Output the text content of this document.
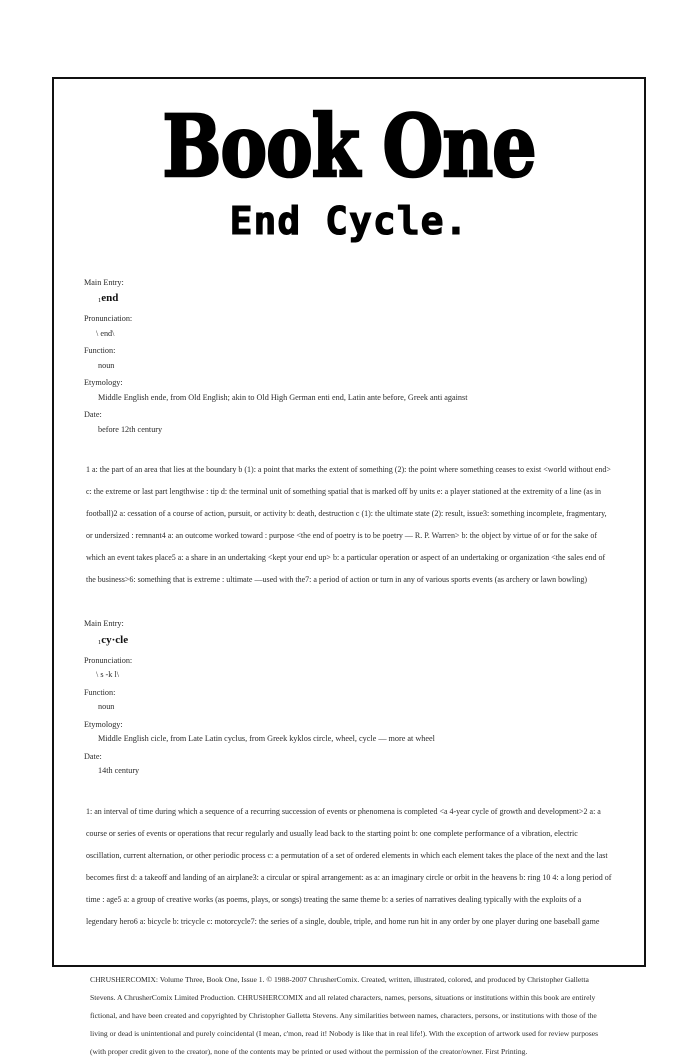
Book One
End Cycle.

Main Entry:

1end

Pronunciation:

\ end\

Function:

noun

Etymology:

Middle English ende, from Old English; akin to Old High German enti end, Latin ante before, Greek anti against

Date:

before 12th century

1 a: the part of an area that lies at the boundary b (1): a point that marks the extent of something (2): the point where something ceases to exist <world without end> c: the extreme or last part lengthwise : tip d: the terminal unit of something spatial that is marked off by units e: a player stationed at the extremity of a line (as in football)2 a: cessation of a course of action, pursuit, or activity b: death, destruction c (1): the ultimate state (2): result, issue3: something incomplete, fragmentary, or undersized : remnant4 a: an outcome worked toward : purpose <the end of poetry is to be poetry — R. P. Warren> b: the object by virtue of or for the sake of which an event takes place5 a: a share in an undertaking <kept your end up> b: a particular operation or aspect of an undertaking or organization <the sales end of the business>6: something that is extreme : ultimate —used with the7: a period of action or turn in any of various sports events (as archery or lawn bowling)

Main Entry:

1cy·cle

Pronunciation:

\ s -k l\

Function:

noun

Etymology:

Middle English cicle, from Late Latin cyclus, from Greek kyklos circle, wheel, cycle — more at wheel

Date:

14th century

1: an interval of time during which a sequence of a recurring succession of events or phenomena is completed <a 4-year cycle of growth and development>2 a: a course or series of events or operations that recur regularly and usually lead back to the starting point b: one complete performance of a vibration, electric oscillation, current alternation, or other periodic process c: a permutation of a set of ordered elements in which each element takes the place of the next and the last becomes first d: a takeoff and landing of an airplane3: a circular or spiral arrangement: as a: an imaginary circle or orbit in the heavens b: ring 10 4: a long period of time : age5 a: a group of creative works (as poems, plays, or songs) treating the same theme b: a series of narratives dealing typically with the exploits of a legendary hero6 a: bicycle b: tricycle c: motorcycle7: the series of a single, double, triple, and home run hit in any order by one player during one baseball game

CHRUSHERCOMIX: Volume Three, Book One, Issue 1. © 1988-2007 ChrusherComix. Created, written, illustrated, colored, and produced by Christopher Galletta Stevens. A ChrusherComix Limited Production. CHRUSHERCOMIX and all related characters, names, persons, situations or institutions within this book are entirely fictional, and have been created and copyrighted by Christopher Galletta Stevens. Any similarities between names, characters, persons, or institutions with those of the living or dead is unintentional and purely coincidental (I mean, c'mon, read it! Nobody is like that in real life!). With the exception of artwork used for review purposes (with proper credit given to the creator), none of the contents may be printed or used without the permission of the creator/owner. First Printing.
